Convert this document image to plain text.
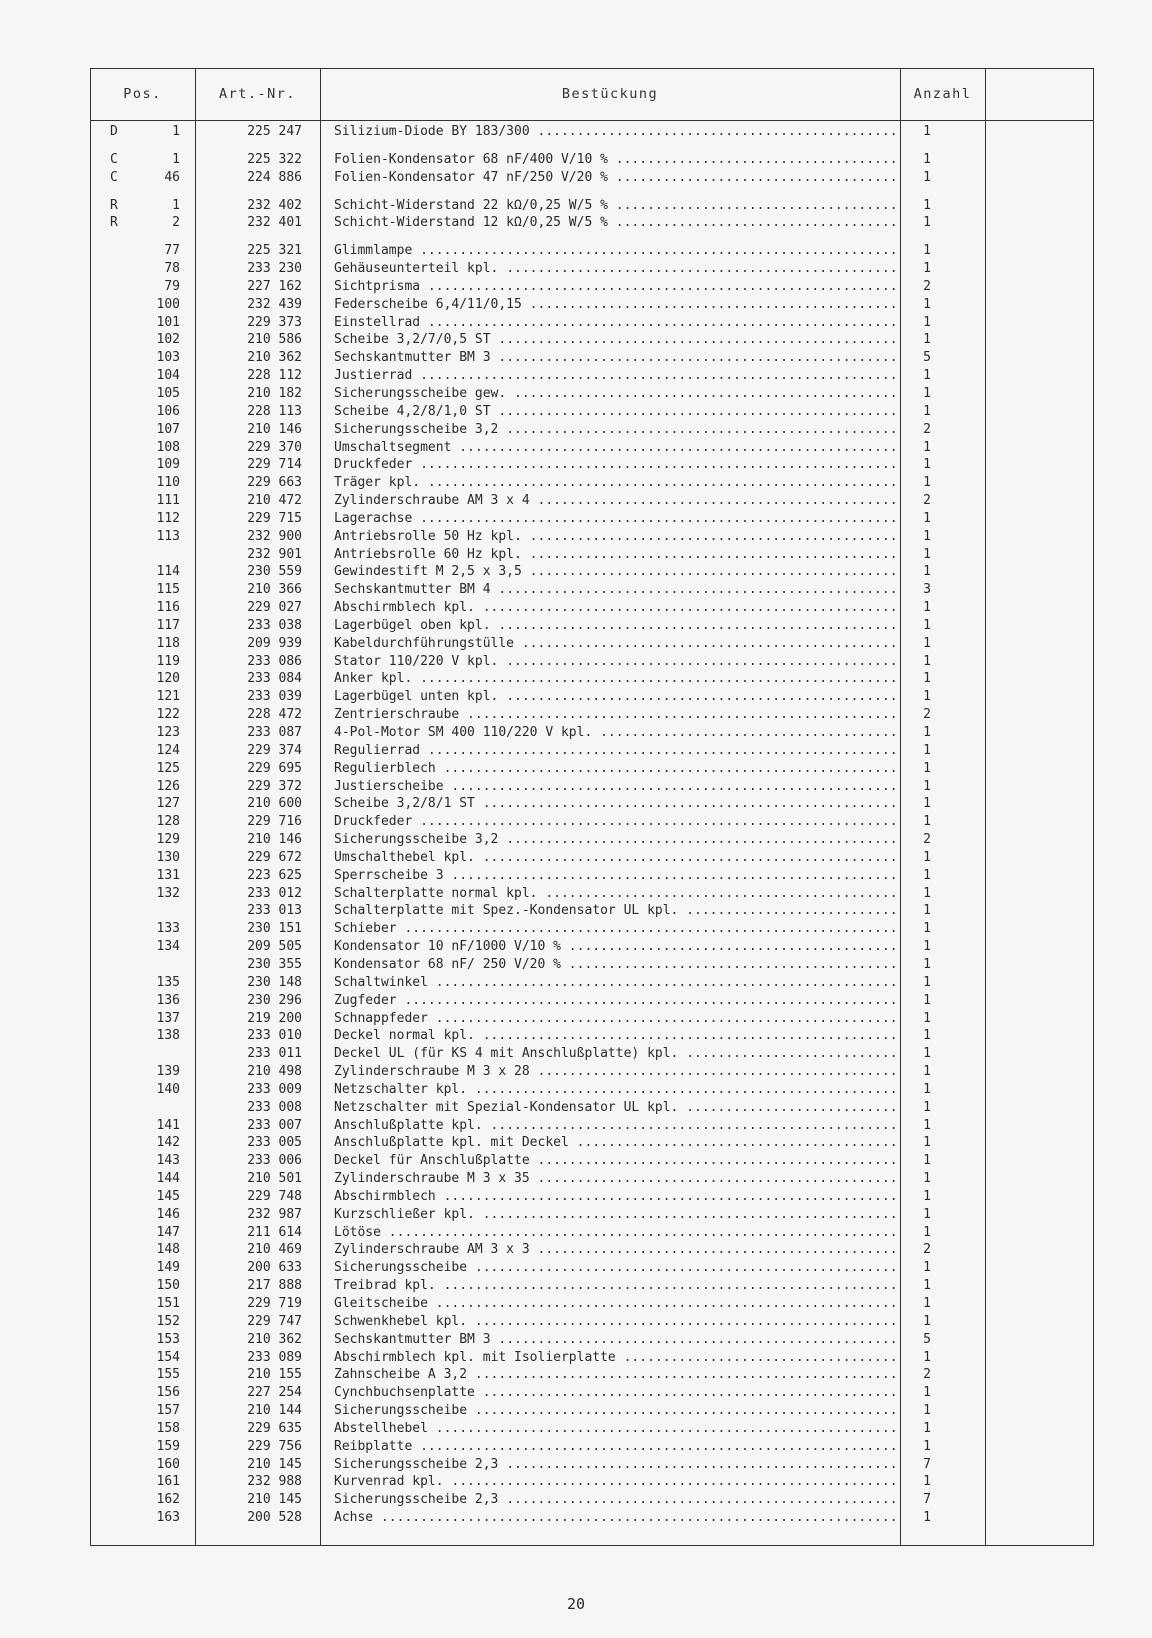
Pos.	Art.-Nr.	Bestückung	Anzahl
D	1	225 247 Silizium-Diode BY 183/300 .....	1
C	1	225 322 Folien-Kondensator 68 nF/400 V/10 % .....	1
C	46	224 886 Folien-Kondensator 47 nF/250 V/20 % .....	1
R	1	232 402 Schicht-Widerstand 22 kΩ/0,25 W/5 % .....	1
R	2	232 401 Schicht-Widerstand 12 kΩ/0,25 W/5 % .....	1
77	225 321 Glimmlampe .....	1
78	233 230 Gehäuseunterteil kpl. .....	1
79	227 162 Sichtprisma .....	2
100	232 439 Federscheibe 6,4/11/0,15 .....	1
101	229 373 Einstellrad .....	1
102	210 586 Scheibe 3,2/7/0,5 ST .....	1
103	210 362 Sechskantmutter BM 3 .....	5
104	228 112 Justierrad .....	1
105	210 182 Sicherungsscheibe gew. .....	1
106	228 113 Scheibe 4,2/8/1,0 ST .....	1
107	210 146 Sicherungsscheibe 3,2 .....	2
108	229 370 Umschaltsegment .....	1
109	229 714 Druckfeder .....	1
110	229 663 Träger kpl. .....	1
111	210 472 Zylinderschraube AM 3 x 4 .....	2
112	229 715 Lagerachse .....	1
113	232 900 Antriebsrolle 50 Hz kpl. .....	1
232 901 Antriebsrolle 60 Hz kpl. .....	1
114	230 559 Gewindestift M 2,5 x 3,5 .....	1
115	210 366 Sechskantmutter BM 4 .....	3
116	229 027 Abschirmblech kpl. .....	1
117	233 038 Lagerbügel oben kpl. .....	1
118	209 939 Kabeldurchführungstülle .....	1
119	233 086 Stator 110/220 V kpl. .....	1
120	233 084 Anker kpl. .....	1
121	233 039 Lagerbügel unten kpl. .....	1
122	228 472 Zentrierschraube .....	2
123	233 087 4-Pol-Motor SM 400 110/220 V kpl. .....	1
124	229 374 Regulierrad .....	1
125	229 695 Regulierblech .....	1
126	229 372 Justierscheibe .....	1
127	210 600 Scheibe 3,2/8/1 ST .....	1
128	229 716 Druckfeder .....	1
129	210 146 Sicherungsscheibe 3,2 .....	2
130	229 672 Umschalthebel kpl. .....	1
131	223 625 Sperrscheibe 3 .....	1
132	233 012 Schalterplatte normal kpl. .....	1
233 013 Schalterplatte mit Spez.-Kondensator UL kpl. .....	1
133	230 151 Schieber .....	1
134	209 505 Kondensator 10 nF/1000 V/10 % .....	1
230 355 Kondensator 68 nF/ 250 V/20 % .....	1
135	230 148 Schaltwinkel .....	1
136	230 296 Zugfeder .....	1
137	219 200 Schnappfeder .....	1
138	233 010 Deckel normal kpl. .....	1
233 011 Deckel UL (für KS 4 mit Anschlußplatte) kpl. .....	1
139	210 498 Zylinderschraube M 3 x 28 .....	1
140	233 009 Netzschalter kpl. .....	1
233 008 Netzschalter mit Spezial-Kondensator UL kpl. .....	1
141	233 007 Anschlußplatte kpl. .....	1
142	233 005 Anschlußplatte kpl. mit Deckel .....	1
143	233 006 Deckel für Anschlußplatte .....	1
144	210 501 Zylinderschraube M 3 x 35 .....	1
145	229 748 Abschirmblech .....	1
146	232 987 Kurzschließer kpl. .....	1
147	211 614 Lötöse .....	1
148	210 469 Zylinderschraube AM 3 x 3 .....	2
149	200 633 Sicherungsscheibe .....	1
150	217 888 Treibrad kpl. .....	1
151	229 719 Gleitscheibe .....	1
152	229 747 Schwenkhebel kpl. .....	1
153	210 362 Sechskantmutter BM 3 .....	5
154	233 089 Abschirmblech kpl. mit Isolierplatte .....	1
155	210 155 Zahnscheibe A 3,2 .....	2
156	227 254 Cynchbuchsenplatte .....	1
157	210 144 Sicherungsscheibe .....	1
158	229 635 Abstellhebel .....	1
159	229 756 Reibplatte .....	1
160	210 145 Sicherungsscheibe 2,3 .....	7
161	232 988 Kurvenrad kpl. .....	1
162	210 145 Sicherungsscheibe 2,3 .....	7
163	200 528 Achse .....	1
20
